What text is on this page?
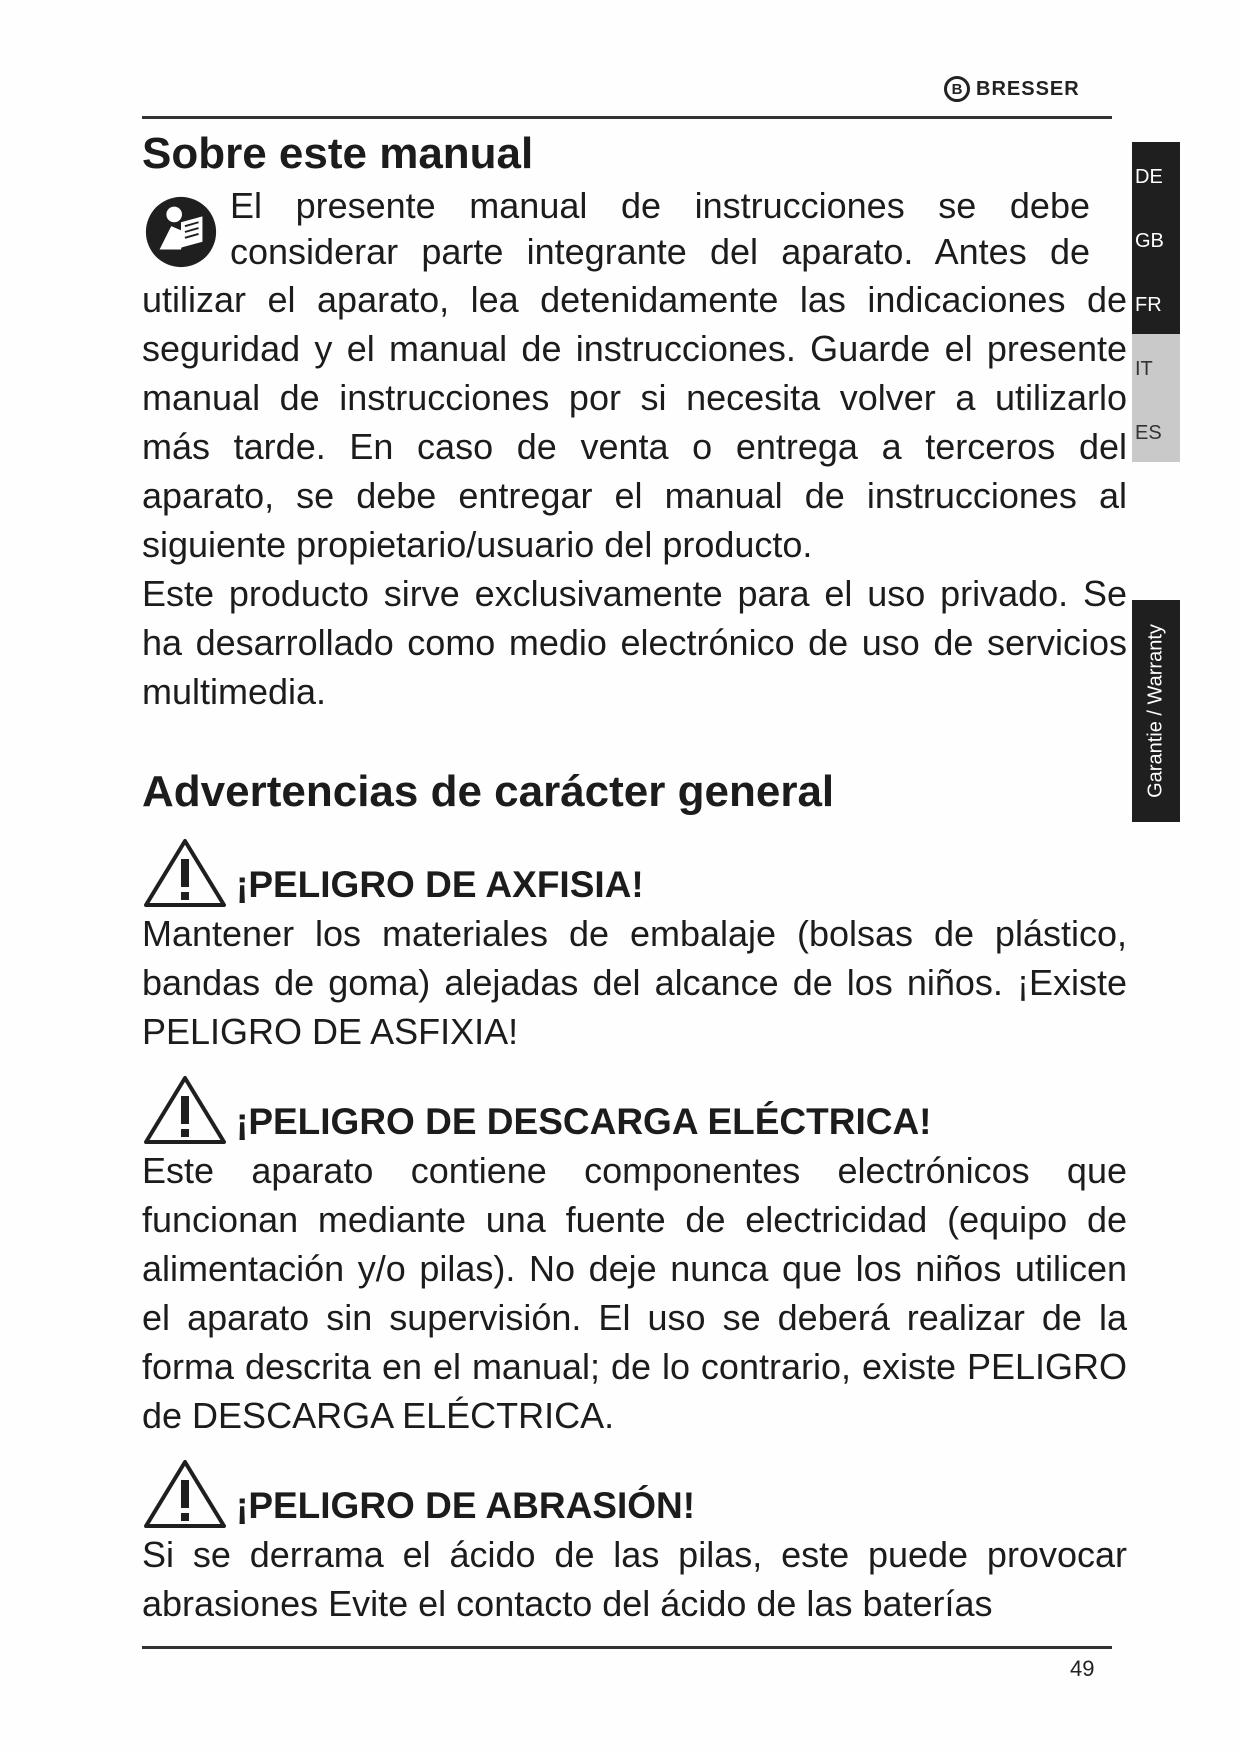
B BRESSER
DE
GB
FR
IT
ES
Garantie / Warranty
Sobre este manual

El presente manual de instrucciones se debe considerar parte integrante del aparato. Antes de

utilizar el aparato, lea detenidamente las indicaciones de seguridad y el manual de instrucciones. Guarde el presente manual de instrucciones por si necesita volver a utilizarlo más tarde. En caso de venta o entrega a terceros del aparato, se debe entregar el manual de instrucciones al siguiente propietario/usuario del producto.

Este producto sirve exclusivamente para el uso privado. Se ha desarrollado como medio electrónico de uso de servicios multimedia.

Advertencias de carácter general

¡PELIGRO DE AXFISIA!

Mantener los materiales de embalaje (bolsas de plástico, bandas de goma) alejadas del alcance de los niños. ¡Existe PELIGRO DE ASFIXIA!

¡PELIGRO DE DESCARGA ELÉCTRICA!

Este aparato contiene componentes electrónicos que funcionan mediante una fuente de electricidad (equipo de alimentación y/o pilas). No deje nunca que los niños utilicen el aparato sin supervisión. El uso se deberá realizar de la forma descrita en el manual; de lo contrario, existe PELIGRO de DESCARGA ELÉCTRICA.

¡PELIGRO DE ABRASIÓN!

Si se derrama el ácido de las pilas, este puede provocar abrasiones Evite el contacto del ácido de las baterías

49
